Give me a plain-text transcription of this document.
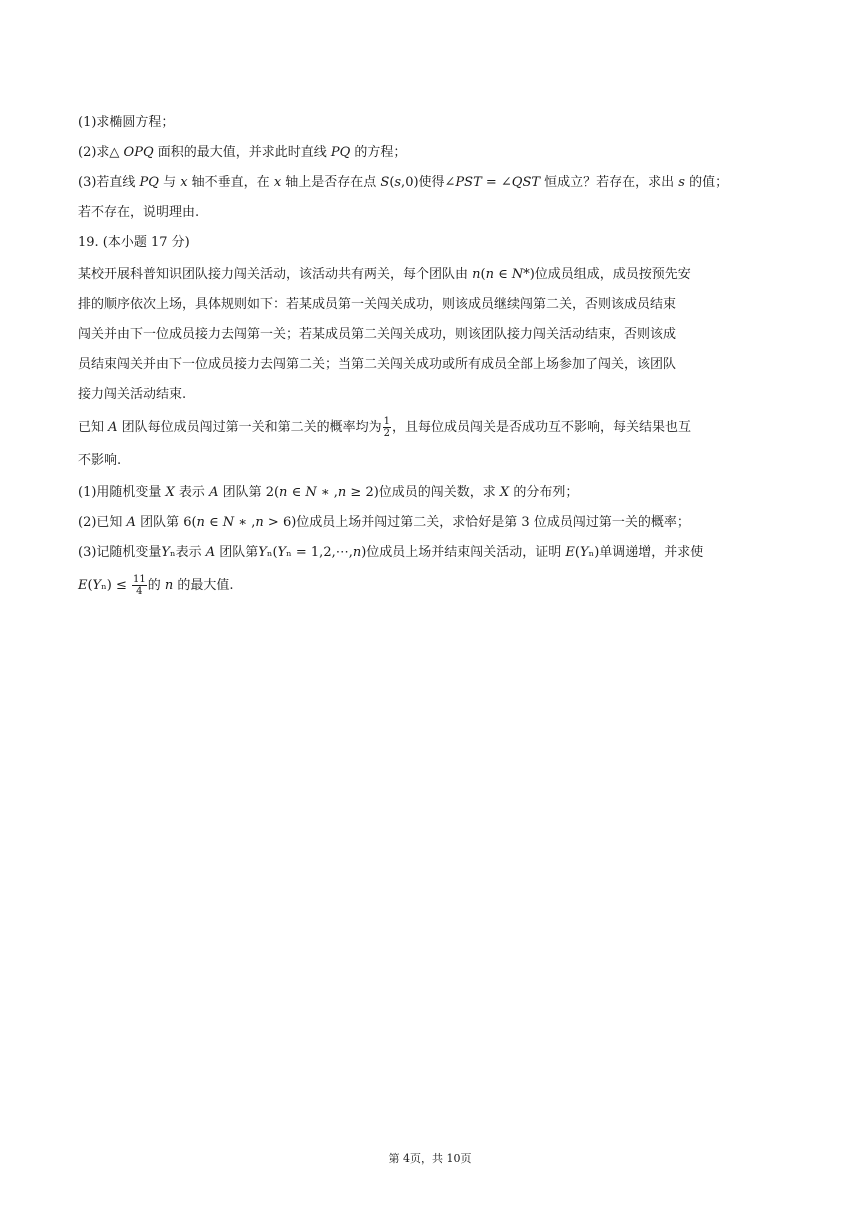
(1)求椭圆方程；
(2)求△ 𝑂𝑃𝑄 面积的最大值，并求此时直线 𝑃𝑄 的方程；
(3)若直线 𝑃𝑄 与 𝑥 轴不垂直，在 𝑥 轴上是否存在点 𝑆(𝑠,0)使得∠𝑃𝑆𝑇 = ∠𝑄𝑆𝑇 恒成立？若存在，求出 𝑠 的值；
若不存在，说明理由.
19. (本小题 17 分)
某校开展科普知识团队接力闯关活动，该活动共有两关，每个团队由 𝑛(𝑛 ∈ 𝑁*)位成员组成，成员按预先安
排的顺序依次上场，具体规则如下：若某成员第一关闯关成功，则该成员继续闯第二关，否则该成员结束
闯关并由下一位成员接力去闯第一关；若某成员第二关闯关成功，则该团队接力闯关活动结束，否则该成
员结束闯关并由下一位成员接力去闯第二关；当第二关闯关成功或所有成员全部上场参加了闯关，该团队
接力闯关活动结束.
已知 𝐴 团队每位成员闯过第一关和第二关的概率均为 $\frac{1}{2}$ ，且每位成员闯关是否成功互不影响，每关结果也互
不影响.
(1)用随机变量 𝑋 表示 𝐴 团队第 2(𝑛 ∈ 𝑁 ∗ ,𝑛 ≥ 2)位成员的闯关数，求 𝑋 的分布列；
(2)已知 𝐴 团队第 6(𝑛 ∈ 𝑁 ∗ ,𝑛 > 6)位成员上场并闯过第二关，求恰好是第 3 位成员闯过第一关的概率；
(3)记随机变量𝑌ₙ表示 𝐴 团队第𝑌ₙ(𝑌ₙ = 1,2,⋯,𝑛)位成员上场并结束闯关活动，证明 𝐸(𝑌ₙ)单调递增，并求使
𝐸(𝑌ₙ) ≤ $\frac{11}{4}$ 的 𝑛 的最大值.
第 4页，共 10页
